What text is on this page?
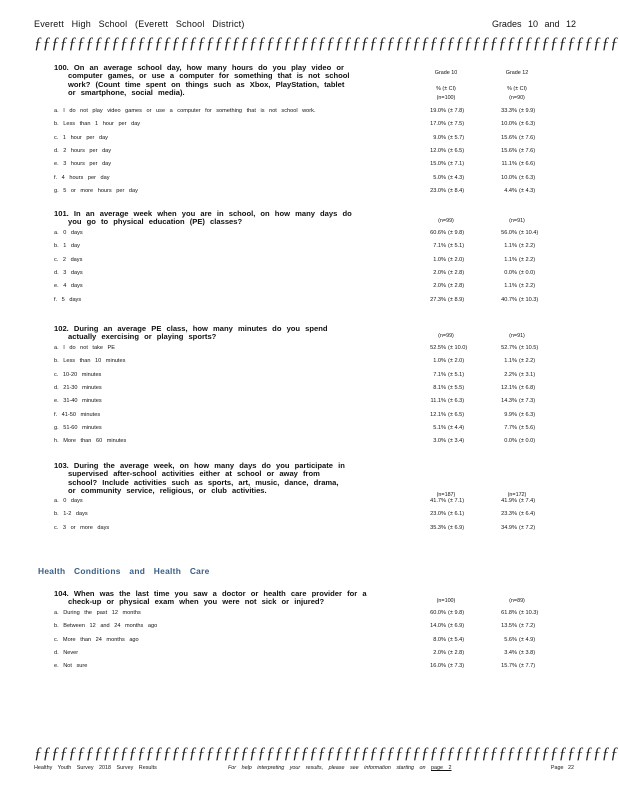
Everett High School (Everett School District)	Grades 10 and 12
ƒƒƒƒƒƒƒƒƒƒƒƒƒƒƒƒƒƒƒƒƒƒƒƒƒƒƒƒƒƒƒƒƒƒƒƒƒƒƒƒƒƒƒƒƒƒƒƒƒƒƒƒƒƒƒƒƒƒƒƒƒƒƒƒƒƒƒƒ
100. On an average school day, how many hours do you play video or
computer games, or use a computer for something that is not school
work? (Count time spent on things such as Xbox, PlayStation, tablet
or smartphone, social media).
Grade 10	Grade 12
% (± CI)	% (± CI)
(n=100)	(n=90)
a. I do not play video games or use a computer for something that is not school work.	19.0% (± 7.8)	33.3% (± 9.9)
b. Less than 1 hour per day	17.0% (± 7.5)	10.0% (± 6.3)
c. 1 hour per day	9.0% (± 5.7)	15.6% (± 7.6)
d. 2 hours per day	12.0% (± 6.5)	15.6% (± 7.6)
e. 3 hours per day	15.0% (± 7.1)	11.1% (± 6.6)
f. 4 hours per day	5.0% (± 4.3)	10.0% (± 6.3)
g. 5 or more hours per day	23.0% (± 8.4)	4.4% (± 4.3)
101. In an average week when you are in school, on how many days do
you go to physical education (PE) classes?	(n=99)	(n=91)
a. 0 days	60.6% (± 9.8)	56.0% (± 10.4)
b. 1 day	7.1% (± 5.1)	1.1% (± 2.2)
c. 2 days	1.0% (± 2.0)	1.1% (± 2.2)
d. 3 days	2.0% (± 2.8)	0.0% (± 0.0)
e. 4 days	2.0% (± 2.8)	1.1% (± 2.2)
f. 5 days	27.3% (± 8.9)	40.7% (± 10.3)
102. During an average PE class, how many minutes do you spend
actually exercising or playing sports?	(n=99)	(n=91)
a. I do not take PE	52.5% (± 10.0)	52.7% (± 10.5)
b. Less than 10 minutes	1.0% (± 2.0)	1.1% (± 2.2)
c. 10-20 minutes	7.1% (± 5.1)	2.2% (± 3.1)
d. 21-30 minutes	8.1% (± 5.5)	12.1% (± 6.8)
e. 31-40 minutes	11.1% (± 6.3)	14.3% (± 7.3)
f. 41-50 minutes	12.1% (± 6.5)	9.9% (± 6.3)
g. 51-60 minutes	5.1% (± 4.4)	7.7% (± 5.6)
h. More than 60 minutes	3.0% (± 3.4)	0.0% (± 0.0)
103. During the average week, on how many days do you participate in
supervised after-school activities either at school or away from
school? Include activities such as sports, art, music, dance, drama,
or community service, religious, or club activities.	(n=187)	(n=172)
a. 0 days	41.7% (± 7.1)	41.9% (± 7.4)
b. 1-2 days	23.0% (± 6.1)	23.3% (± 6.4)
c. 3 or more days	35.3% (± 6.9)	34.9% (± 7.2)
104. When was the last time you saw a doctor or health care provider for a
check-up or physical exam when you were not sick or injured?	(n=100)	(n=89)
a. During the past 12 months	60.0% (± 9.8)	61.8% (± 10.3)
b. Between 12 and 24 months ago	14.0% (± 6.9)	13.5% (± 7.2)
c. More than 24 months ago	8.0% (± 5.4)	5.6% (± 4.9)
d. Never	2.0% (± 2.8)	3.4% (± 3.8)
e. Not sure	16.0% (± 7.3)	15.7% (± 7.7)
Health Conditions and Health Care
ƒƒƒƒƒƒƒƒƒƒƒƒƒƒƒƒƒƒƒƒƒƒƒƒƒƒƒƒƒƒƒƒƒƒƒƒƒƒƒƒƒƒƒƒƒƒƒƒƒƒƒƒƒƒƒƒƒƒƒƒƒƒƒƒƒƒƒƒ
Healthy Youth Survey 2018 Survey Results	For help interpreting your results, please see information starting on page 2	Page 22
